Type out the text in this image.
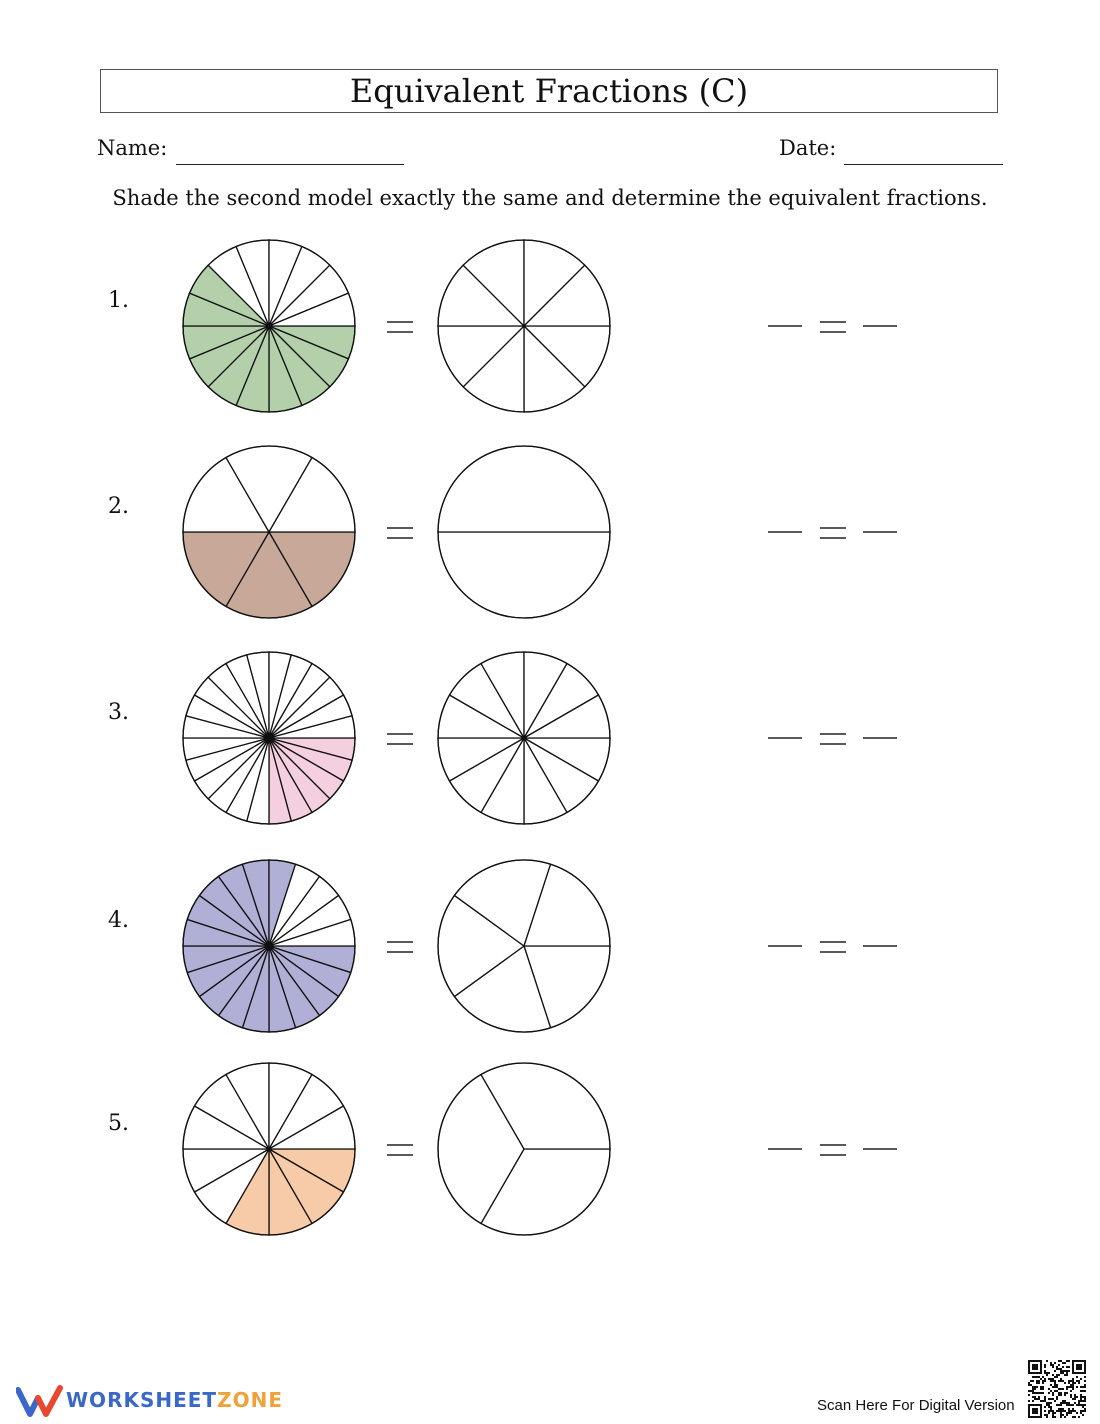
Equivalent Fractions (C)
Name:	Date:
Shade the second model exactly the same and determine the equivalent fractions.
1.
2.
3.
4.
5.
WORKSHEETZONE	Scan Here For Digital Version
